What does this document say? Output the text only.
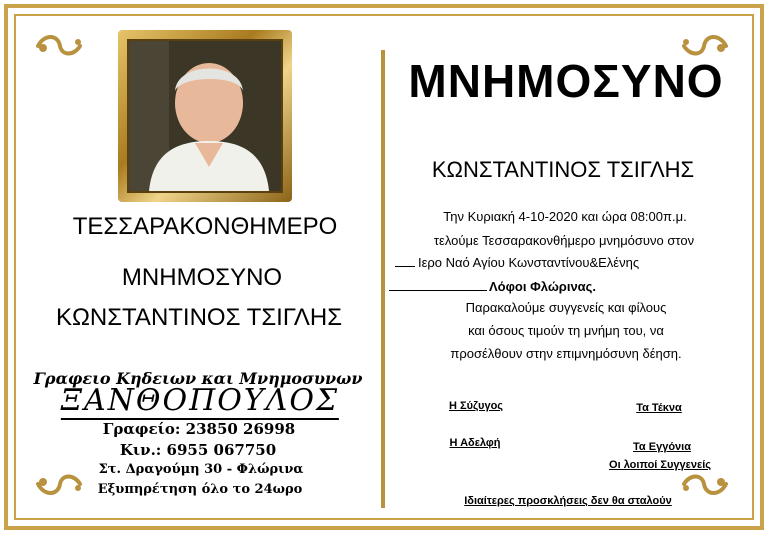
ΤΕΣΣΑΡΑΚΟΝΘΗΜΕΡΟ
ΜΝΗΜΟΣΥΝΟ
ΚΩΝΣΤΑΝΤΙΝΟΣ ΤΣΙΓΛΗΣ
Γραφειο Κηδειων και Μνημοσυνων
ΞΑΝΘΟΠΟΥΛΟΣ
Γραφείο: 23850 26998
Κιν.: 6955 067750
Στ. Δραγούμη 30 - Φλώρινα
Εξυπηρέτηση όλο το 24ωρο
ΜΝΗΜΟΣΥΝΟ
ΚΩΝΣΤΑΝΤΙΝΟΣ ΤΣΙΓΛΗΣ
Την Κυριακή 4-10-2020 και ώρα 08:00π.μ.
τελούμε Τεσσαρακονθήμερο μνημόσυνο στον
Ιερο Ναό Αγίου Κωνσταντίνου&Ελένης
Λόφοι Φλώρινας.
Παρακαλούμε συγγενείς και φίλους
και όσους τιμούν τη μνήμη του, να
προσέλθουν στην επιμνημόσυνη δέηση.
Η Σύζυγος	Τα Τέκνα
Η Αδελφή	Τα Εγγόνια
Οι λοιποί Συγγενείς
Ιδιαίτερες προσκλήσεις δεν θα σταλούν
